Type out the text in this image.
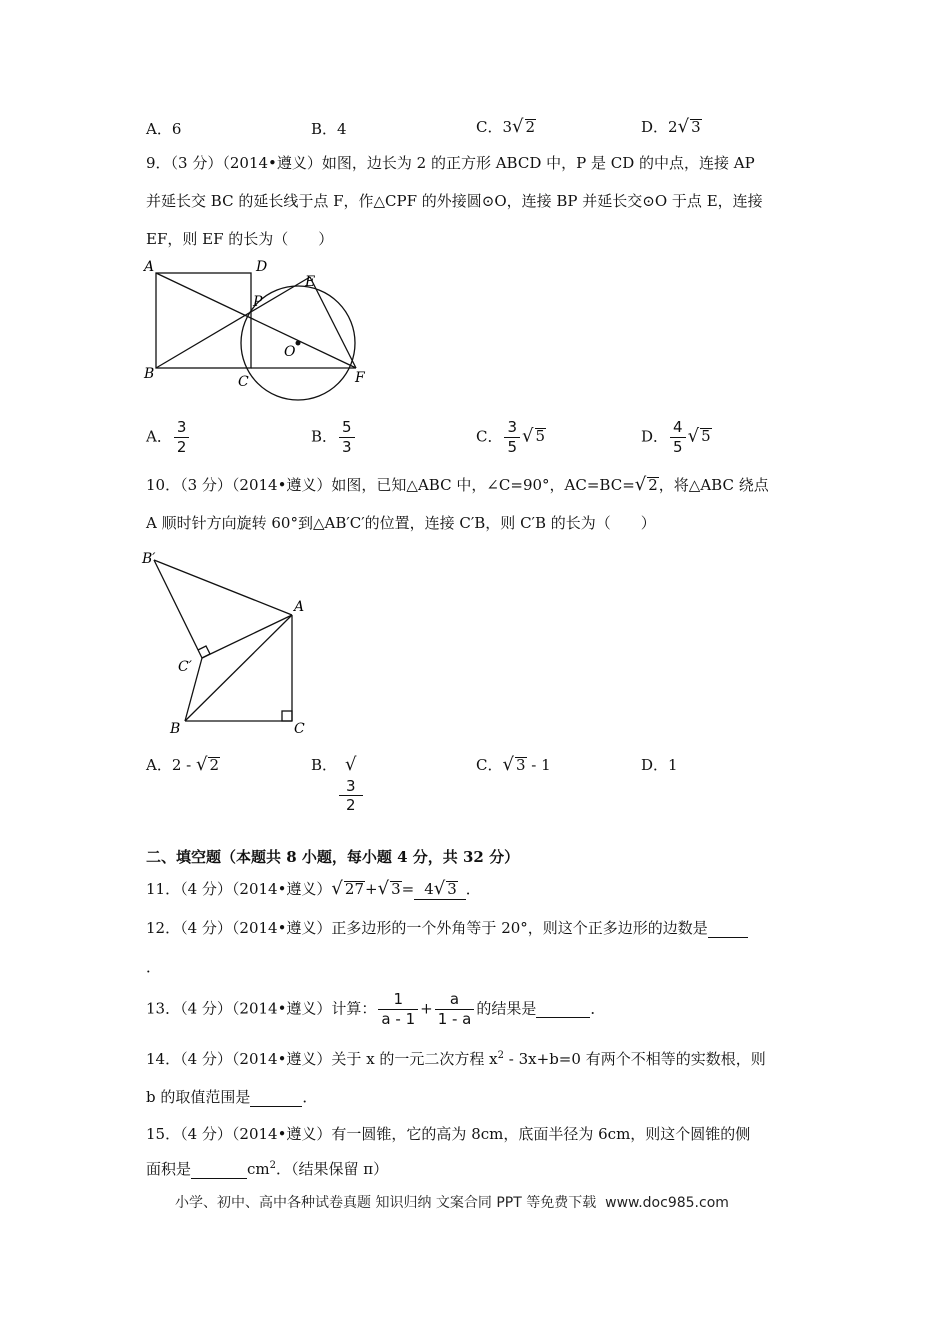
A．6	B．4	C．3√ 2	D．2√ 3
9．（3 分）（2014•遵义）如图，边长为 2 的正方形 ABCD 中，P 是 CD 的中点，连接 AP
并延长交 BC 的延长线于点 F，作△CPF 的外接圆⊙O，连接 BP 并延长交⊙O 于点 E，连接
EF，则 EF 的长为（　　）
A	D
B	C
P
E
O
F
A． $\frac{3}{2}$	B． $\frac{5}{3}$	C． $\frac{3}{5}$ √ 5	D． $\frac{4}{5}$ √ 5
10．（3 分）（2014•遵义）如图，已知△ABC 中，∠C=90°，AC=BC=√ 2，将△ABC 绕点
A 顺时针方向旋转 60°到△AB′C′的位置，连接 C′B，则 C′B 的长为（　　）
B′
A
C′
B	C
A．2 - √ 2	B． √
3
2	C．√ 3 - 1	D．1
二、填空题（本题共 8 小题，每小题 4 分，共 32 分）
11．（4 分）（2014•遵义）√ 27+√ 3= 4√ 3 ．
12．（4 分）（2014•遵义）正多边形的一个外角等于 20°，则这个正多边形的边数是
．
13．（4 分）（2014•遵义）计算： $\frac{1}{a - 1} + \frac{a}{1 - a}$ 的结果是	．
14．（4 分）（2014•遵义）关于 x 的一元二次方程 $x^2 - 3x+b=0$ 有两个不相等的实数根，则
b 的取值范围是	．
15．（4 分）（2014•遵义）有一圆锥，它的高为 8cm，底面半径为 6cm，则这个圆锥的侧
面积是	$cm^2$．（结果保留 π）
小学、初中、高中各种试卷真题 知识归纳 文案合同 PPT 等免费下载 www.doc985.com
